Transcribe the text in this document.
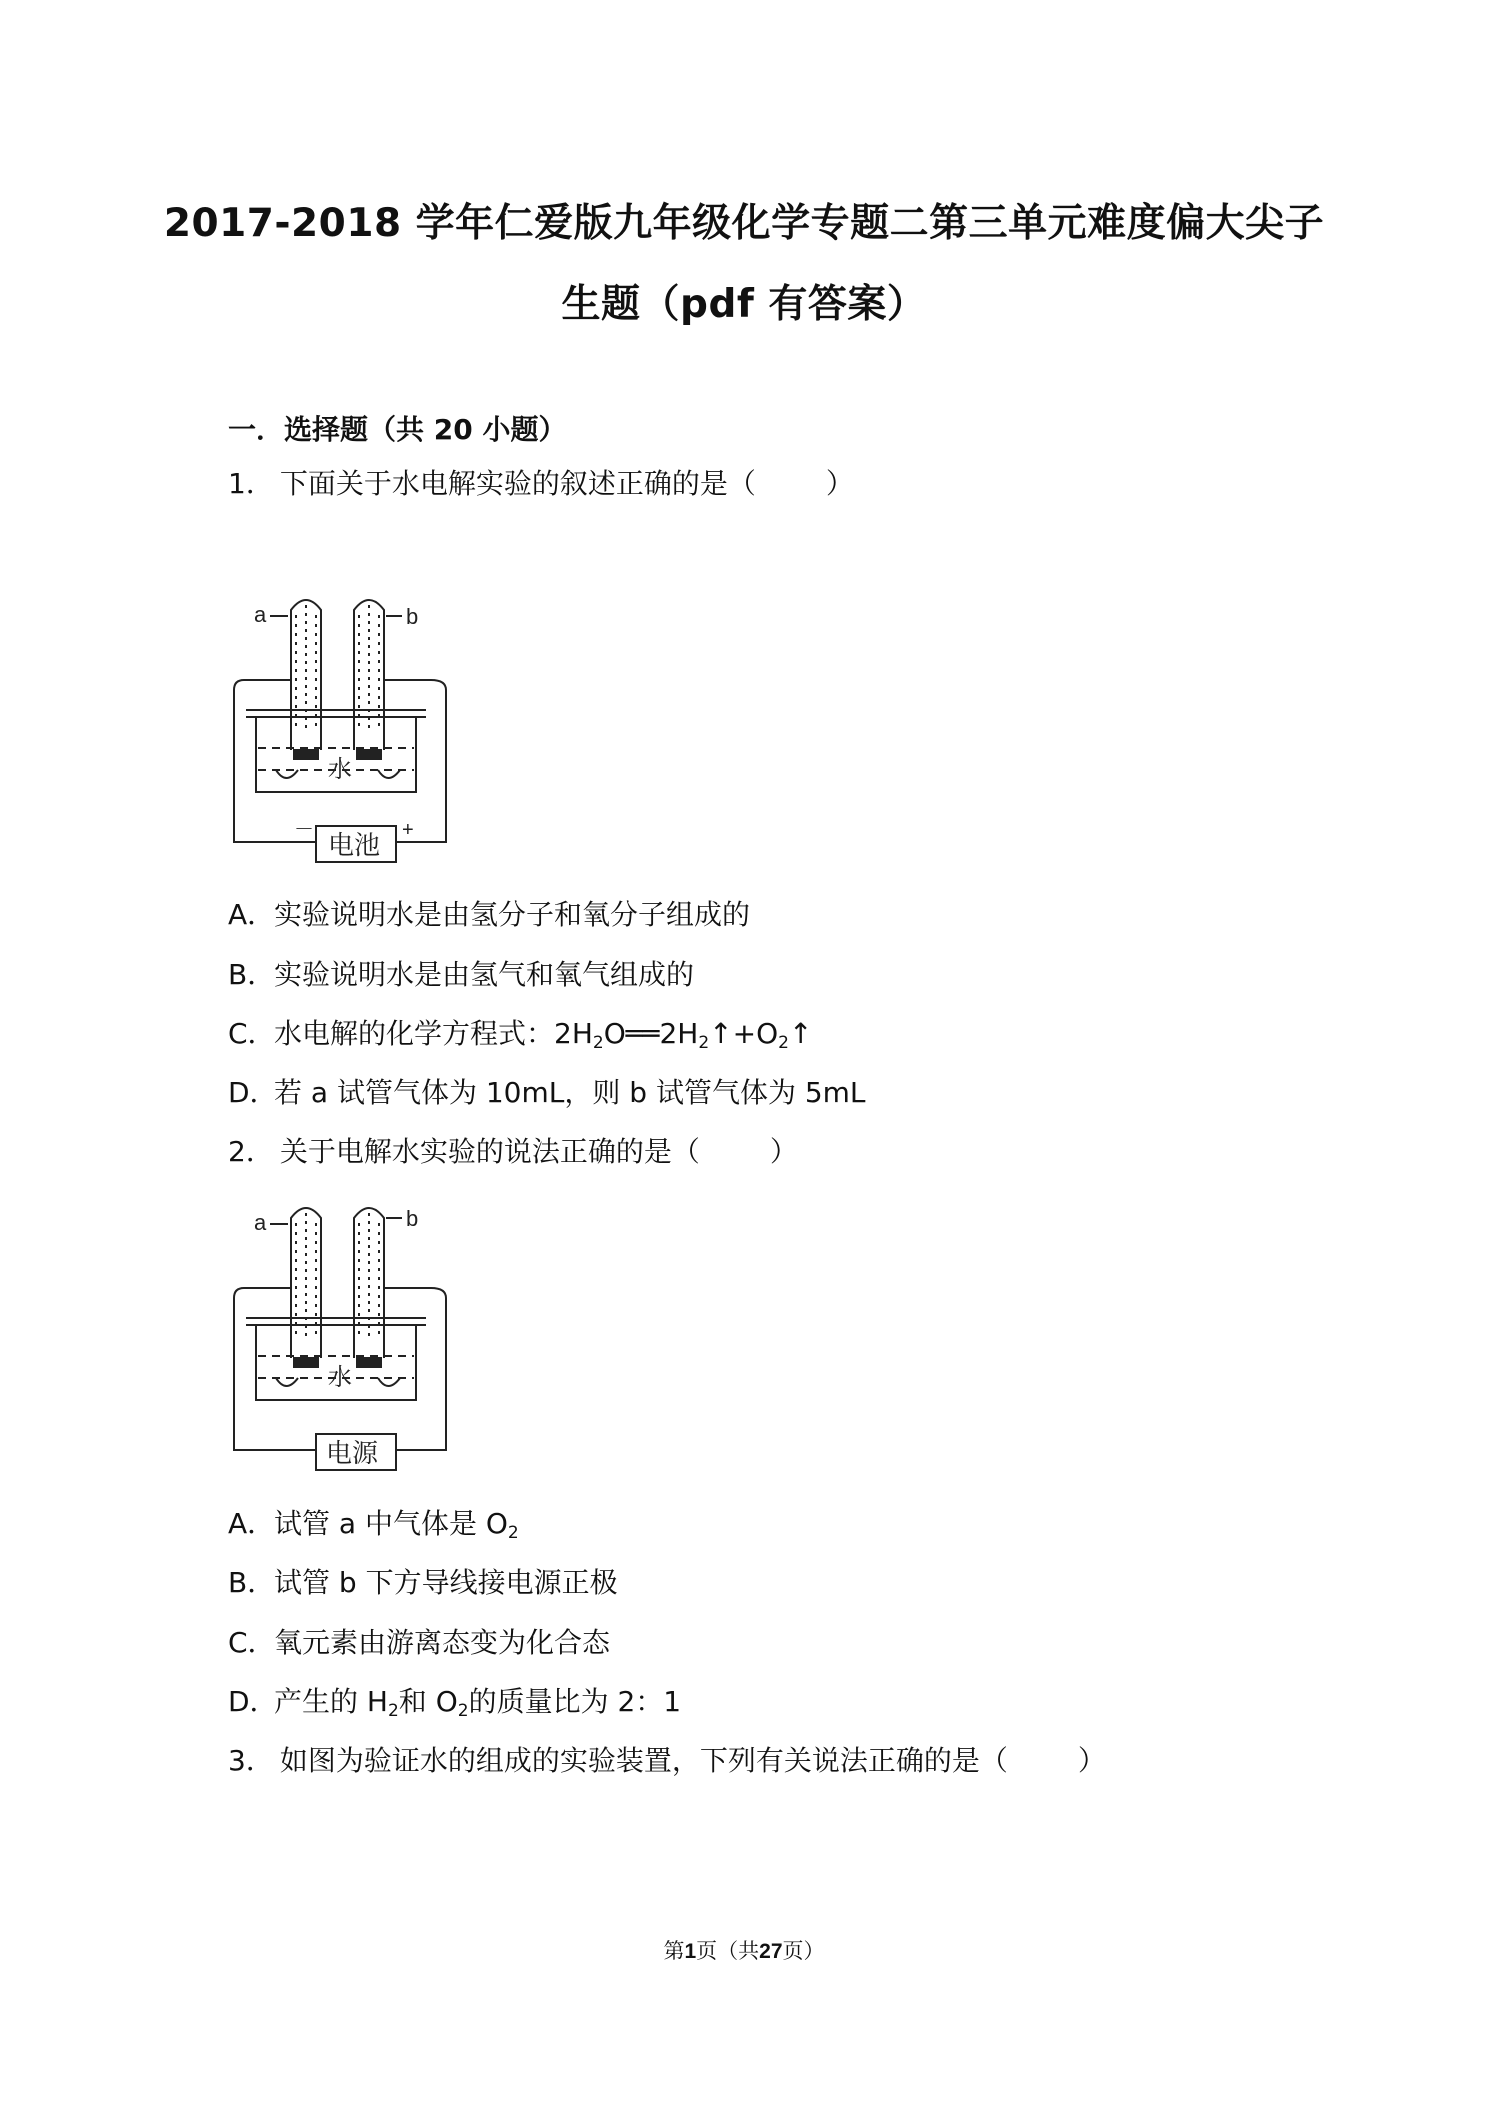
2017-2018 学年仁爱版九年级化学专题二第三单元难度偏大尖子
生题（pdf 有答案）
一．选择题（共 20 小题）
1． 下面关于水电解实验的叙述正确的是（	）
a	b
水
电池
－	+
A．实验说明水是由氢分子和氧分子组成的
B．实验说明水是由氢气和氧气组成的
C．水电解的化学方程式：$2H_2O══2H_2↑+O_2↑$
D．若 a 试管气体为 10mL，则 b 试管气体为 5mL
2． 关于电解水实验的说法正确的是（	）
a	b
水
电源
A．试管 a 中气体是 $O_2$
B．试管 b 下方导线接电源正极
C．氧元素由游离态变为化合态
D．产生的 $H_2$和 $O_2$的质量比为 2：1
3． 如图为验证水的组成的实验装置，下列有关说法正确的是（	）
第1页（共27页）
